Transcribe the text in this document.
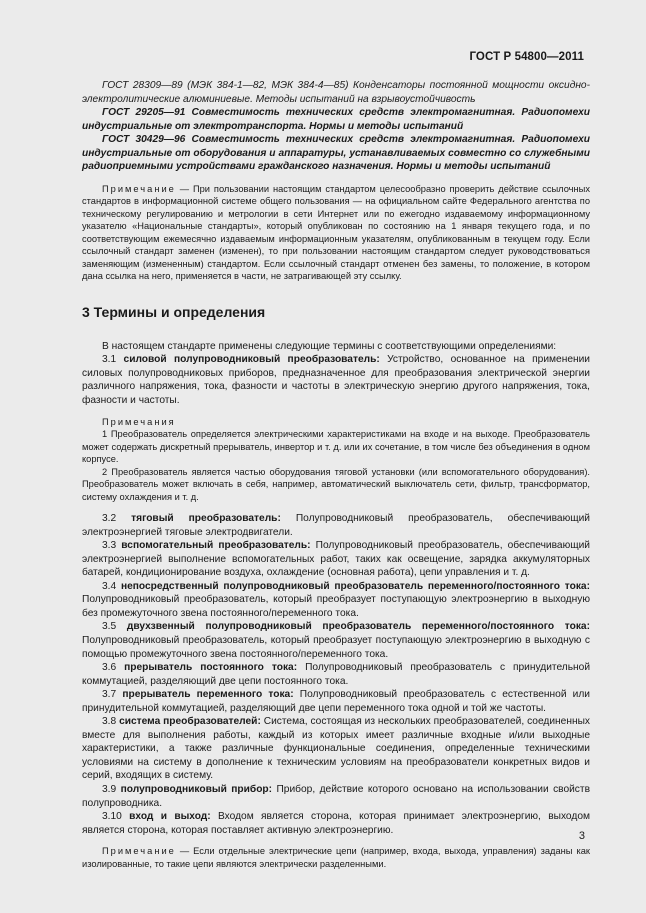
ГОСТ Р 54800—2011

ГОСТ 28309—89 (МЭК 384-1—82, МЭК 384-4—85) Конденсаторы постоянной мощности оксидно-электролитические алюминиевые. Методы испытаний на взрывоустойчивость

ГОСТ 29205—91 Совместимость технических средств электромагнитная. Радиопомехи индустриальные от электротранспорта. Нормы и методы испытаний

ГОСТ 30429—96 Совместимость технических средств электромагнитная. Радиопомехи индустриальные от оборудования и аппаратуры, устанавливаемых совместно со служебными радиоприемными устройствами гражданского назначения. Нормы и методы испытаний

Примечание — При пользовании настоящим стандартом целесообразно проверить действие ссылочных стандартов в информационной системе общего пользования — на официальном сайте Федерального агентства по техническому регулированию и метрологии в сети Интернет или по ежегодно издаваемому информационному указателю «Национальные стандарты», который опубликован по состоянию на 1 января текущего года, и по соответствующим ежемесячно издаваемым информационным указателям, опубликованным в текущем году. Если ссылочный стандарт заменен (изменен), то при пользовании настоящим стандартом следует руководствоваться заменяющим (измененным) стандартом. Если ссылочный стандарт отменен без замены, то положение, в котором дана ссылка на него, применяется в части, не затрагивающей эту ссылку.

3 Термины и определения

В настоящем стандарте применены следующие термины с соответствующими определениями:

3.1 силовой полупроводниковый преобразователь: Устройство, основанное на применении силовых полупроводниковых приборов, предназначенное для преобразования электрической энергии различного напряжения, тока, фазности и частоты в электрическую энергию другого напряжения, тока, фазности и частоты.

Примечания

1 Преобразователь определяется электрическими характеристиками на входе и на выходе. Преобразователь может содержать дискретный прерыватель, инвертор и т. д. или их сочетание, в том числе без объединения в одном корпусе.

2 Преобразователь является частью оборудования тяговой установки (или вспомогательного оборудования). Преобразователь может включать в себя, например, автоматический выключатель сети, фильтр, трансформатор, систему охлаждения и т. д.

3.2 тяговый преобразователь: Полупроводниковый преобразователь, обеспечивающий электроэнергией тяговые электродвигатели.

3.3 вспомогательный преобразователь: Полупроводниковый преобразователь, обеспечивающий электроэнергией выполнение вспомогательных работ, таких как освещение, зарядка аккумуляторных батарей, кондиционирование воздуха, охлаждение (основная работа), цепи управления и т. д.

3.4 непосредственный полупроводниковый преобразователь переменного/постоянного тока: Полупроводниковый преобразователь, который преобразует поступающую электроэнергию в выходную без промежуточного звена постоянного/переменного тока.

3.5 двухзвенный полупроводниковый преобразователь переменного/постоянного тока: Полупроводниковый преобразователь, который преобразует поступающую электроэнергию в выходную с помощью промежуточного звена постоянного/переменного тока.

3.6 прерыватель постоянного тока: Полупроводниковый преобразователь с принудительной коммутацией, разделяющий две цепи постоянного тока.

3.7 прерыватель переменного тока: Полупроводниковый преобразователь с естественной или принудительной коммутацией, разделяющий две цепи переменного тока одной и той же частоты.

3.8 система преобразователей: Система, состоящая из нескольких преобразователей, соединенных вместе для выполнения работы, каждый из которых имеет различные входные и/или выходные характеристики, а также различные функциональные соединения, определенные техническими условиями на систему в дополнение к техническим условиям на преобразователи конкретных видов и серий, входящих в систему.

3.9 полупроводниковый прибор: Прибор, действие которого основано на использовании свойств полупроводника.

3.10 вход и выход: Входом является сторона, которая принимает электроэнергию, выходом является сторона, которая поставляет активную электроэнергию.

Примечание — Если отдельные электрические цепи (например, входа, выхода, управления) заданы как изолированные, то такие цепи являются электрически разделенными.

3
